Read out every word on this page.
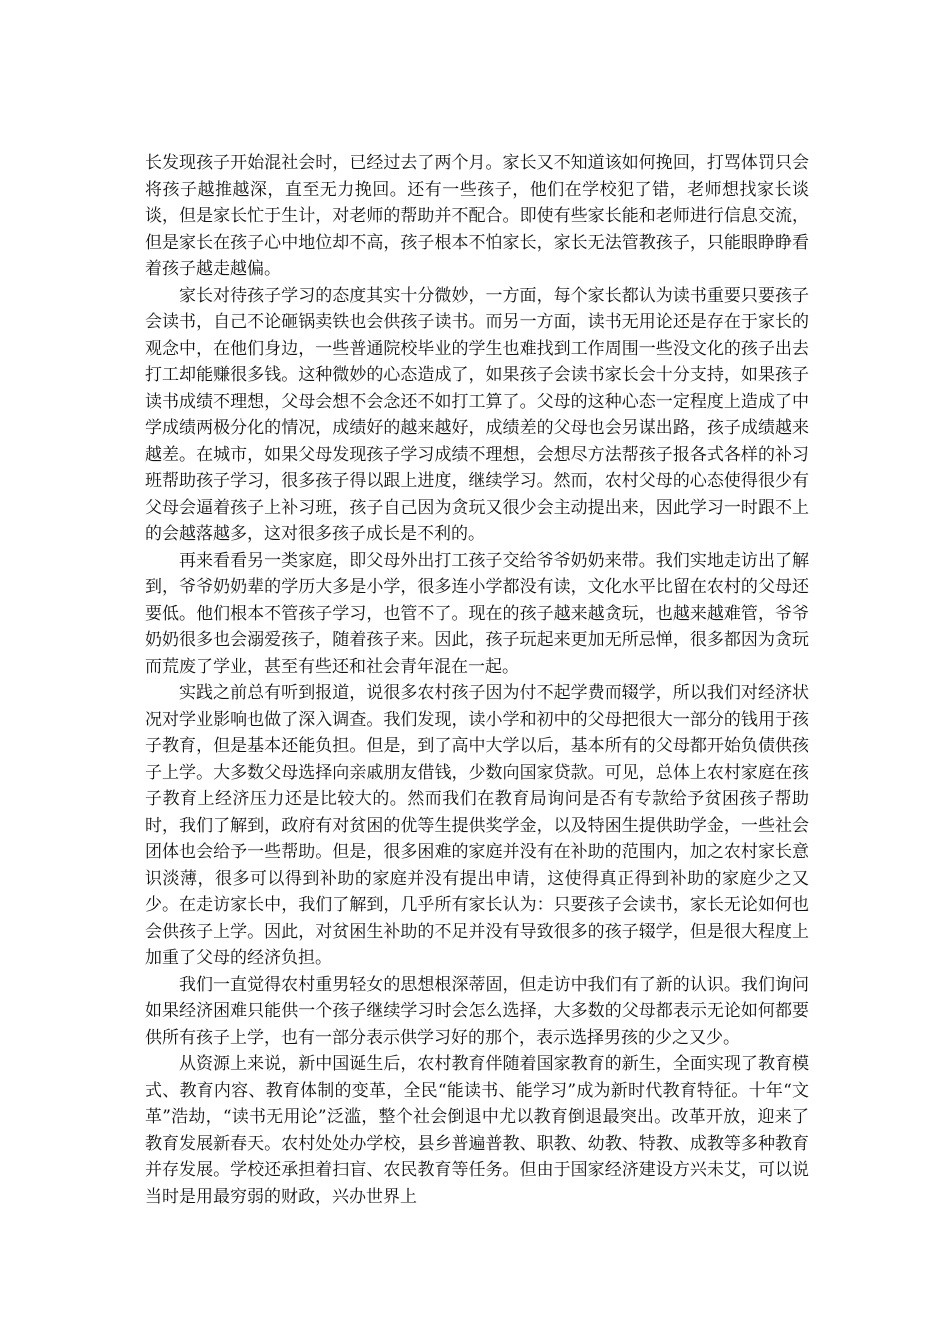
长发现孩子开始混社会时，已经过去了两个月。家长又不知道该如何挽回，打骂体罚只会将孩子越推越深，直至无力挽回。还有一些孩子，他们在学校犯了错，老师想找家长谈谈，但是家长忙于生计，对老师的帮助并不配合。即使有些家长能和老师进行信息交流，但是家长在孩子心中地位却不高，孩子根本不怕家长，家长无法管教孩子，只能眼睁睁看着孩子越走越偏。

家长对待孩子学习的态度其实十分微妙，一方面，每个家长都认为读书重要只要孩子会读书，自己不论砸锅卖铁也会供孩子读书。而另一方面，读书无用论还是存在于家长的观念中，在他们身边，一些普通院校毕业的学生也难找到工作周围一些没文化的孩子出去打工却能赚很多钱。这种微妙的心态造成了，如果孩子会读书家长会十分支持，如果孩子读书成绩不理想，父母会想不会念还不如打工算了。父母的这种心态一定程度上造成了中学成绩两极分化的情况，成绩好的越来越好，成绩差的父母也会另谋出路，孩子成绩越来越差。在城市，如果父母发现孩子学习成绩不理想，会想尽方法帮孩子报各式各样的补习班帮助孩子学习，很多孩子得以跟上进度，继续学习。然而，农村父母的心态使得很少有父母会逼着孩子上补习班，孩子自己因为贪玩又很少会主动提出来，因此学习一时跟不上的会越落越多，这对很多孩子成长是不利的。

再来看看另一类家庭，即父母外出打工孩子交给爷爷奶奶来带。我们实地走访出了解到，爷爷奶奶辈的学历大多是小学，很多连小学都没有读，文化水平比留在农村的父母还要低。他们根本不管孩子学习，也管不了。现在的孩子越来越贪玩，也越来越难管，爷爷奶奶很多也会溺爱孩子，随着孩子来。因此，孩子玩起来更加无所忌惮，很多都因为贪玩而荒废了学业，甚至有些还和社会青年混在一起。

实践之前总有听到报道，说很多农村孩子因为付不起学费而辍学，所以我们对经济状况对学业影响也做了深入调查。我们发现，读小学和初中的父母把很大一部分的钱用于孩子教育，但是基本还能负担。但是，到了高中大学以后，基本所有的父母都开始负债供孩子上学。大多数父母选择向亲戚朋友借钱，少数向国家贷款。可见，总体上农村家庭在孩子教育上经济压力还是比较大的。然而我们在教育局询问是否有专款给予贫困孩子帮助时，我们了解到，政府有对贫困的优等生提供奖学金，以及特困生提供助学金，一些社会团体也会给予一些帮助。但是，很多困难的家庭并没有在补助的范围内，加之农村家长意识淡薄，很多可以得到补助的家庭并没有提出申请，这使得真正得到补助的家庭少之又少。在走访家长中，我们了解到，几乎所有家长认为：只要孩子会读书，家长无论如何也会供孩子上学。因此，对贫困生补助的不足并没有导致很多的孩子辍学，但是很大程度上加重了父母的经济负担。

我们一直觉得农村重男轻女的思想根深蒂固，但走访中我们有了新的认识。我们询问如果经济困难只能供一个孩子继续学习时会怎么选择，大多数的父母都表示无论如何都要供所有孩子上学，也有一部分表示供学习好的那个，表示选择男孩的少之又少。

从资源上来说，新中国诞生后，农村教育伴随着国家教育的新生，全面实现了教育模式、教育内容、教育体制的变革，全民“能读书、能学习”成为新时代教育特征。十年“文革”浩劫，“读书无用论”泛滥，整个社会倒退中尤以教育倒退最突出。改革开放，迎来了教育发展新春天。农村处处办学校，县乡普遍普教、职教、幼教、特教、成教等多种教育并存发展。学校还承担着扫盲、农民教育等任务。但由于国家经济建设方兴未艾，可以说当时是用最穷弱的财政，兴办世界上
